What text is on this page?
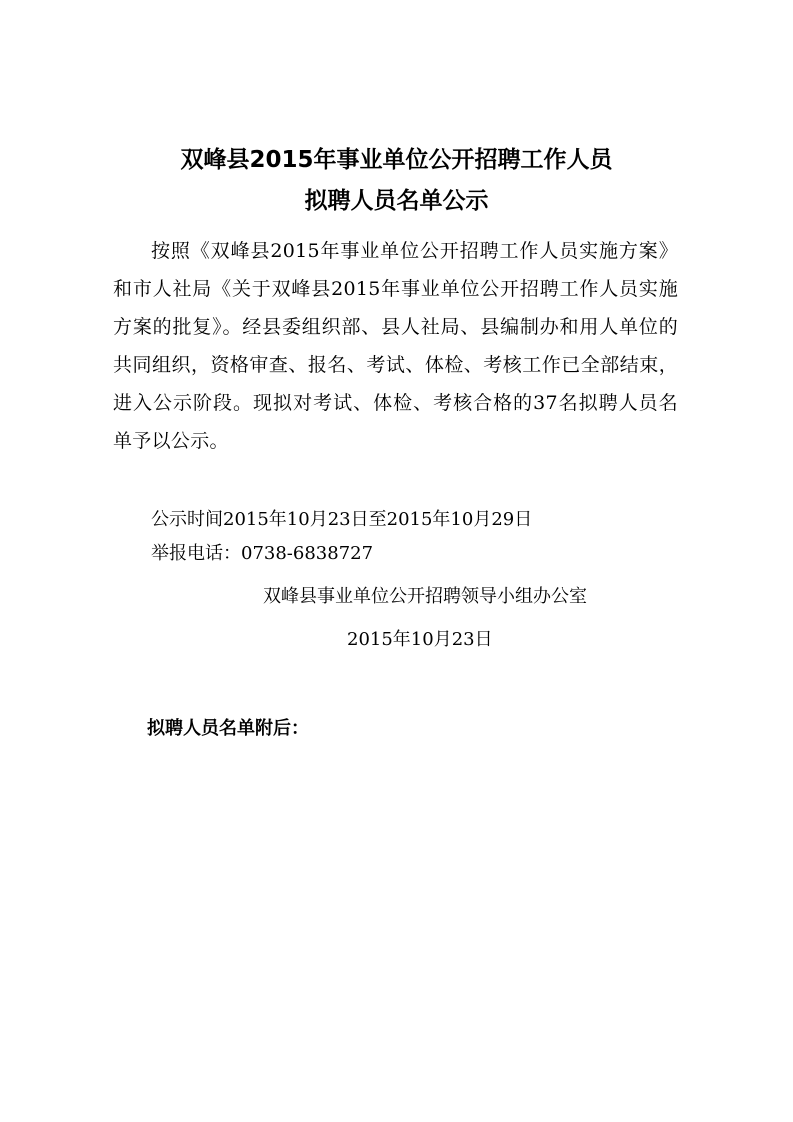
双峰县2015年事业单位公开招聘工作人员
拟聘人员名单公示

按照《双峰县2015年事业单位公开招聘工作人员实施方案》和市人社局《关于双峰县2015年事业单位公开招聘工作人员实施方案的批复》。经县委组织部、县人社局、县编制办和用人单位的共同组织，资格审查、报名、考试、体检、考核工作已全部结束，进入公示阶段。现拟对考试、体检、考核合格的37名拟聘人员名单予以公示。

公示时间2015年10月23日至2015年10月29日
举报电话：0738-6838727
双峰县事业单位公开招聘领导小组办公室
2015年10月23日
拟聘人员名单附后：
